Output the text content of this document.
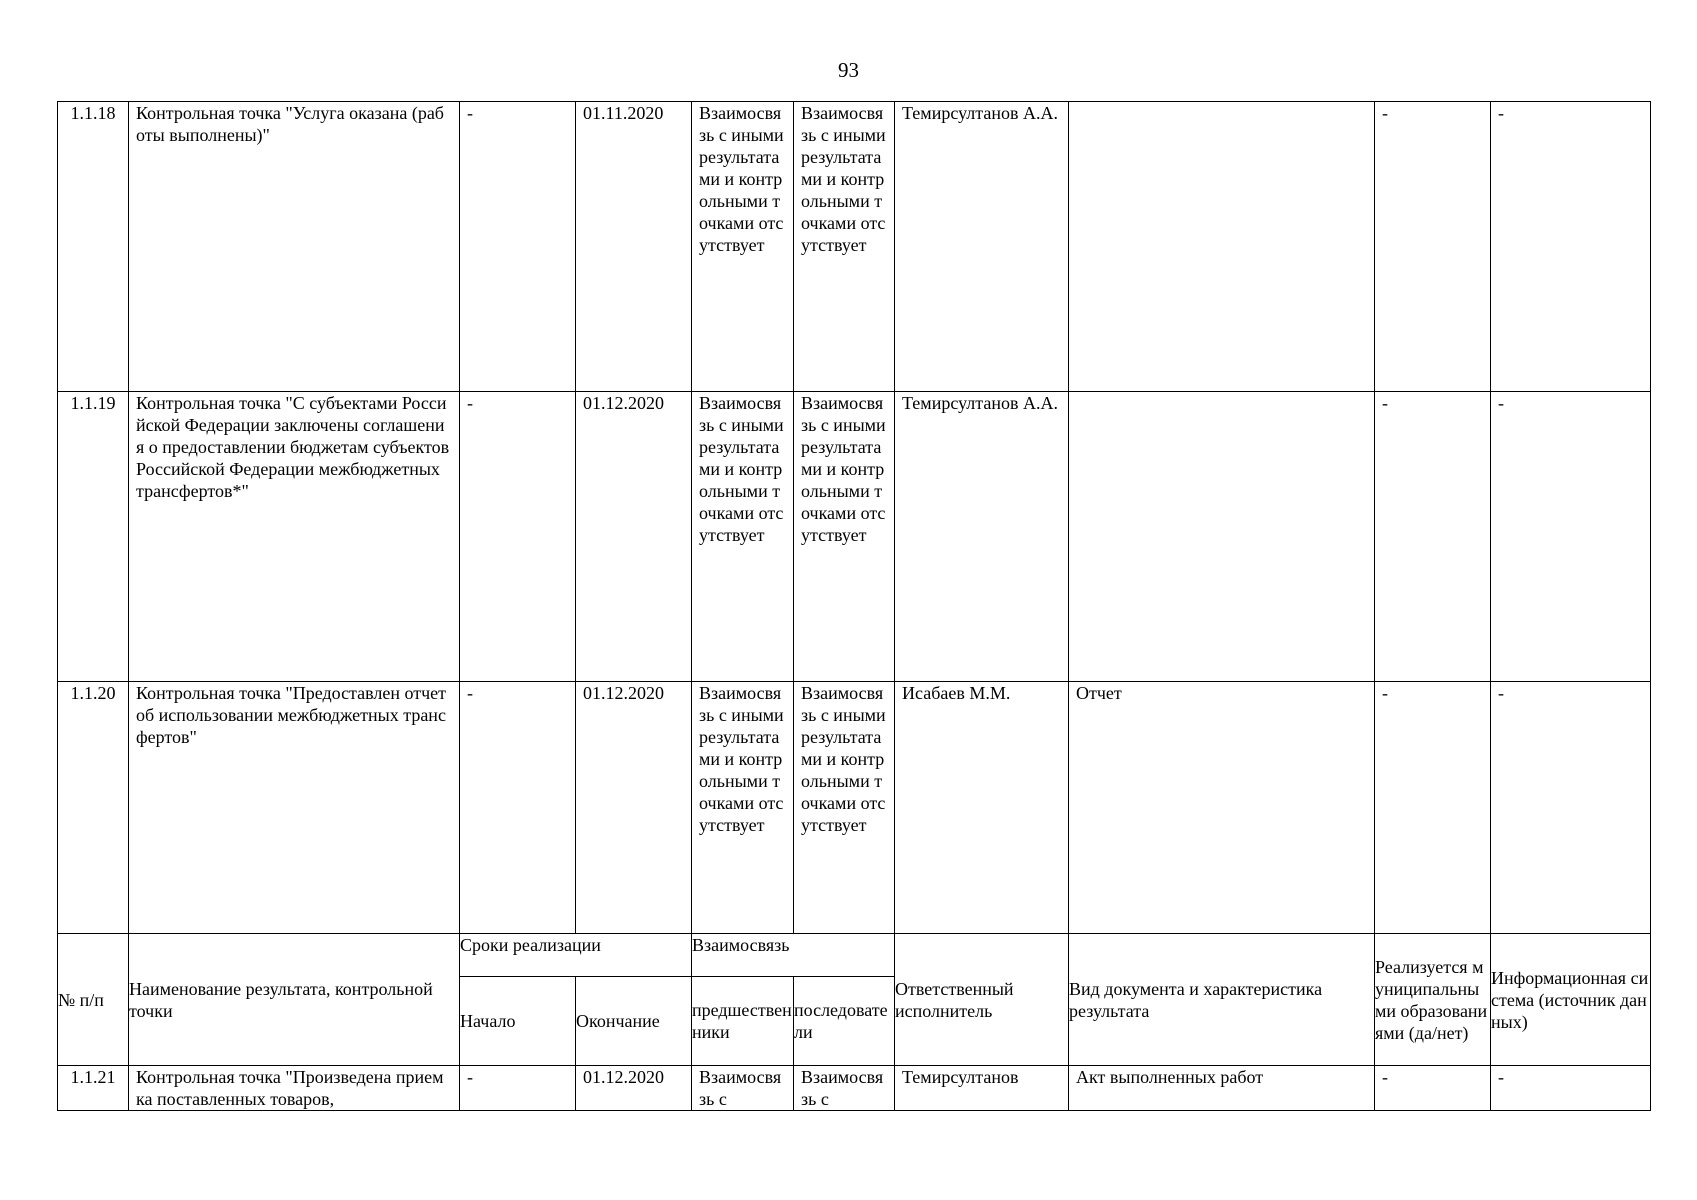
93
1.1.18	Контрольная точка "Услуга оказана (работы выполнены)"	-	01.11.2020	Взаимосвязь с иными результатами и контрольными точками отсутствует	Взаимосвязь с иными результатами и контрольными точками отсутствует	Темирсултанов А.А.		-	-
1.1.19	Контрольная точка "С субъектами Российской Федерации заключены соглашения о предоставлении бюджетам субъектов Российской Федерации межбюджетных трансфертов*"	-	01.12.2020	Взаимосвязь с иными результатами и контрольными точками отсутствует	Взаимосвязь с иными результатами и контрольными точками отсутствует	Темирсултанов А.А.		-	-
1.1.20	Контрольная точка "Предоставлен отчет об использовании межбюджетных трансфертов"	-	01.12.2020	Взаимосвязь с иными результатами и контрольными точками отсутствует	Взаимосвязь с иными результатами и контрольными точками отсутствует	Исабаев М.М.	Отчет	-	-
№ п/п	Наименование результата, контрольной точки	Сроки реализации		Взаимосвязь		Ответственный исполнитель	Вид документа и характеристика результата	Реализуется муниципальными образованиями (да/нет)	Информационная система (источник данных)
		Начало	Окончание	предшественники	последователи				
1.1.21	Контрольная точка "Произведена приемка поставленных товаров,	-	01.12.2020	Взаимосвязь с	Взаимосвязь с	Темирсултанов	Акт выполненных работ	-	-
